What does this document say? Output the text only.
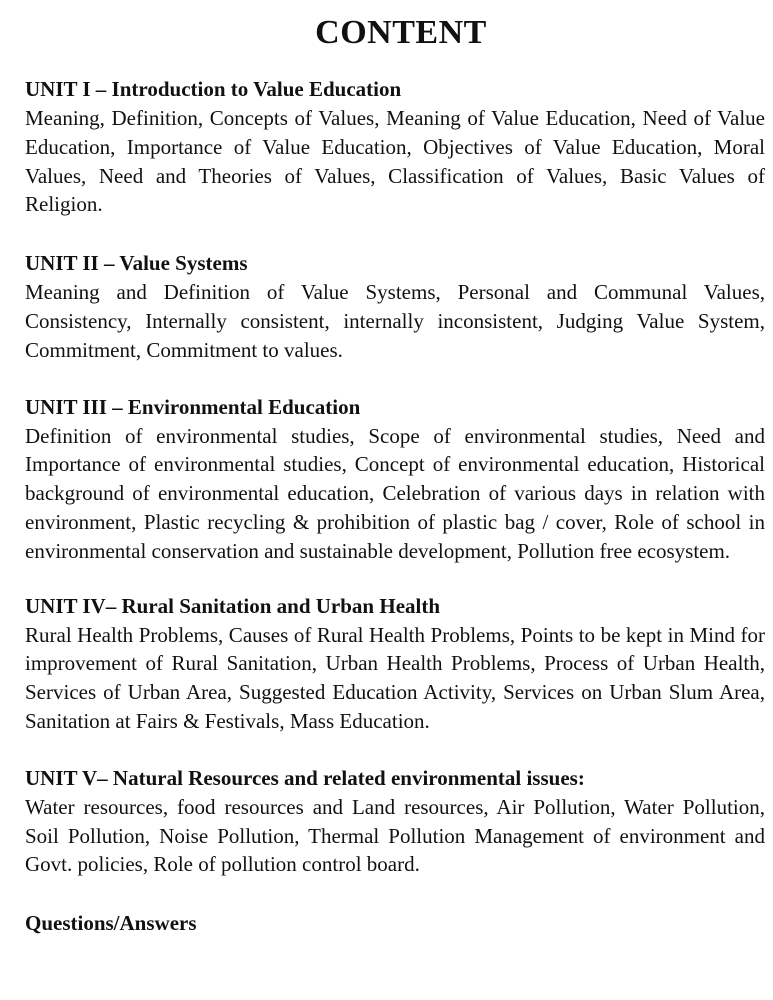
CONTENT

UNIT I – Introduction to Value Education

Meaning, Definition, Concepts of Values, Meaning of Value Education, Need of Value Education, Importance of Value Education, Objectives of Value Education, Moral Values, Need and Theories of Values, Classification of Values, Basic Values of Religion.

UNIT II – Value Systems

Meaning and Definition of Value Systems, Personal and Communal Values, Consistency, Internally consistent, internally inconsistent, Judging Value System, Commitment, Commitment to values.

UNIT III – Environmental Education

Definition of environmental studies, Scope of environmental studies, Need and Importance of environmental studies, Concept of environmental education, Historical background of environmental education, Celebration of various days in relation with environment, Plastic recycling & prohibition of plastic bag / cover, Role of school in environmental conservation and sustainable development, Pollution free ecosystem.

UNIT IV– Rural Sanitation and Urban Health

Rural Health Problems, Causes of Rural Health Problems, Points to be kept in Mind for improvement of Rural Sanitation, Urban Health Problems, Process of Urban Health, Services of Urban Area, Suggested Education Activity, Services on Urban Slum Area, Sanitation at Fairs & Festivals, Mass Education.

UNIT V– Natural Resources and related environmental issues:

Water resources, food resources and Land resources, Air Pollution, Water Pollution, Soil Pollution, Noise Pollution, Thermal Pollution Management of environment and Govt. policies, Role of pollution control board.

Questions/Answers
